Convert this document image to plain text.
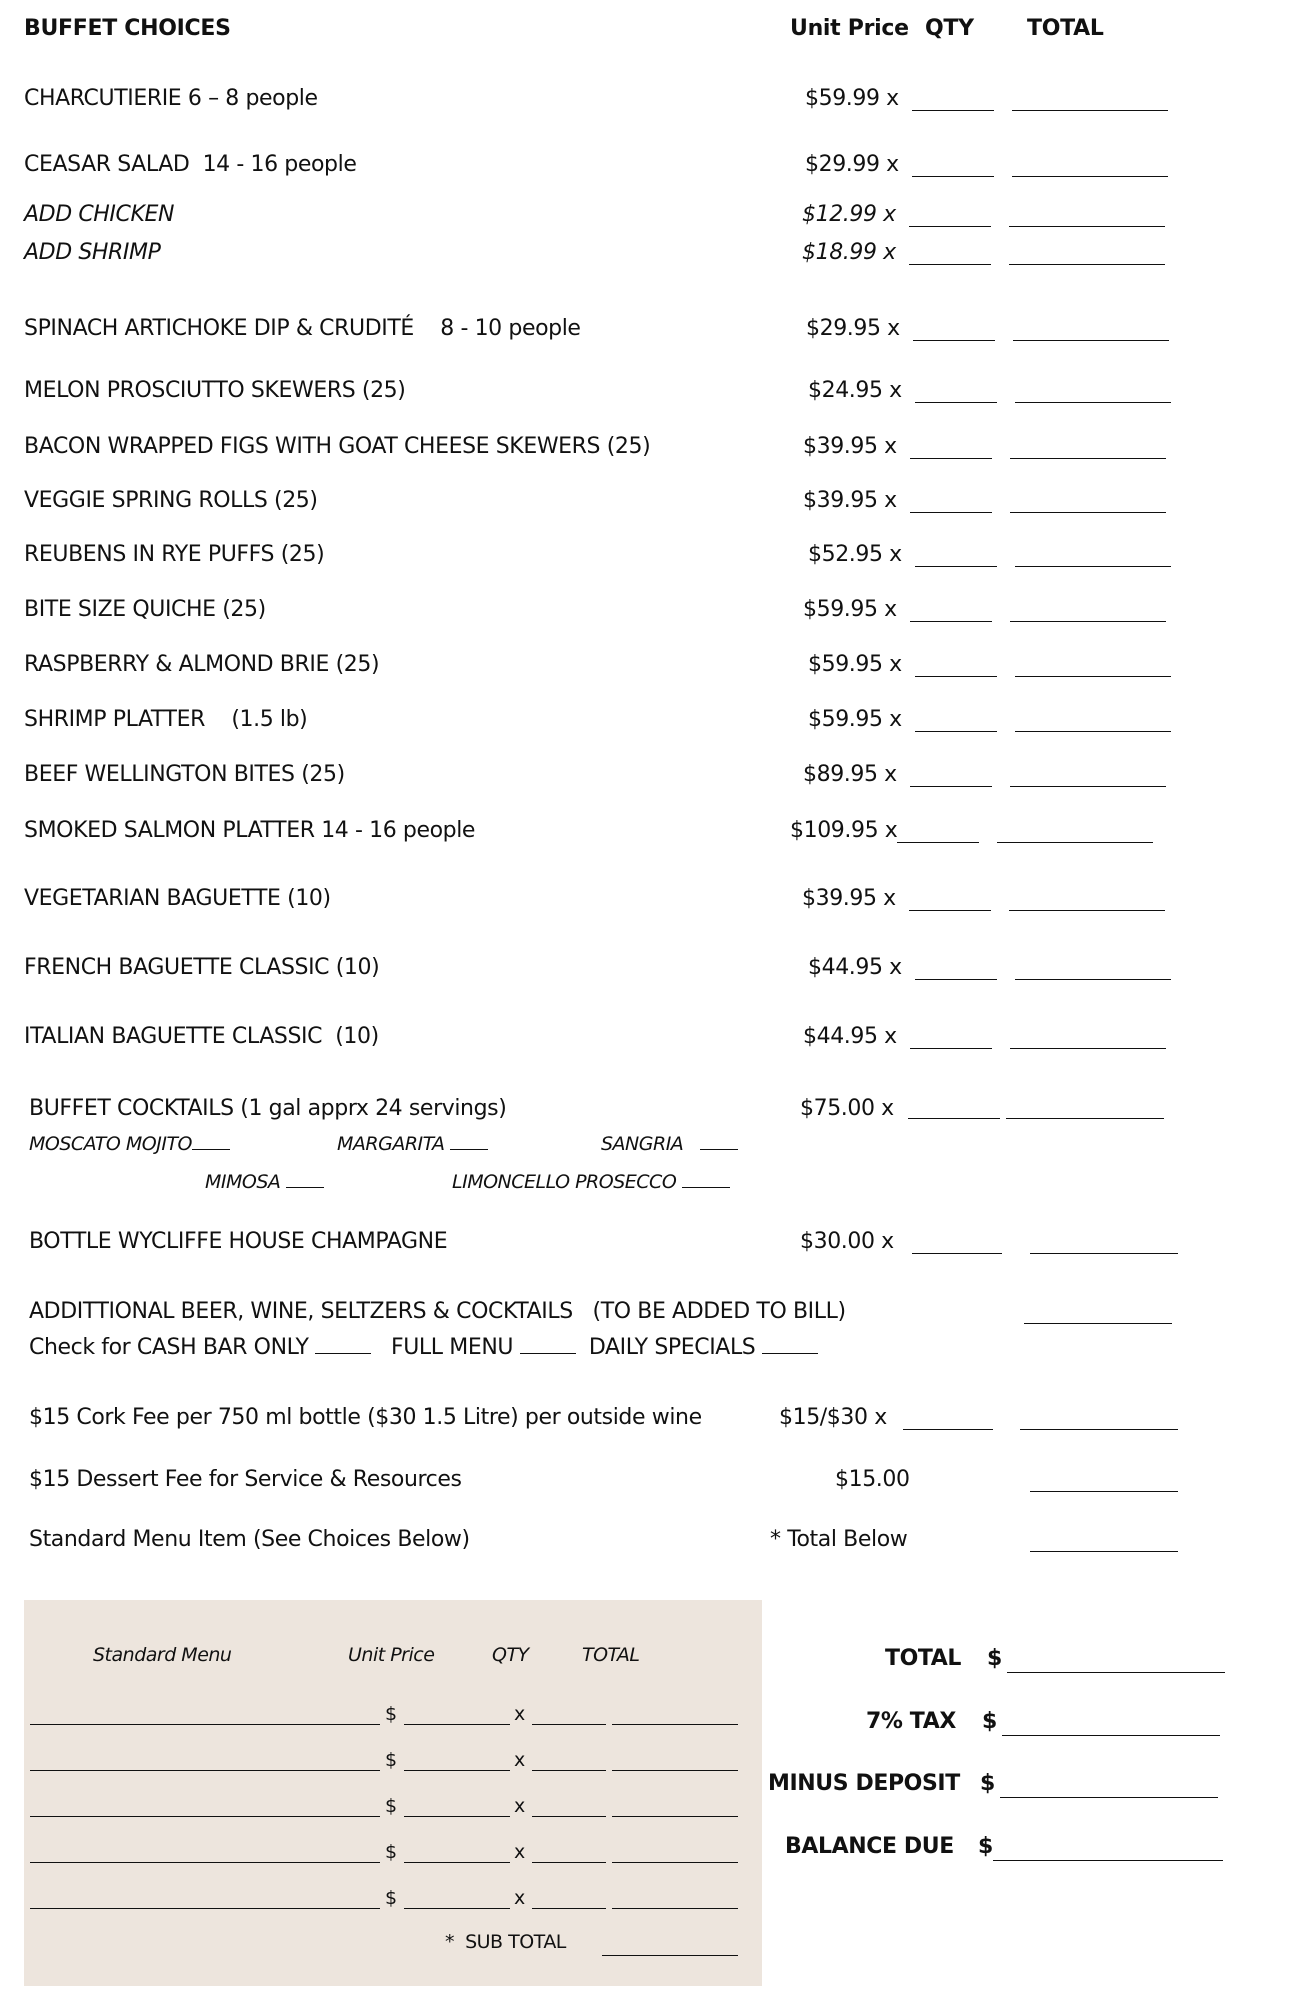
BUFFET CHOICES	Unit Price QTY TOTAL
CHARCUTIERIE 6 – 8 people	$59.99 x
CEASAR SALAD  14 - 16 people	$29.99 x
ADD CHICKEN	$12.99 x
ADD SHRIMP	$18.99 x
SPINACH ARTICHOKE DIP & CRUDITÉ    8 - 10 people	$29.95 x
MELON PROSCIUTTO SKEWERS (25)	$24.95 x
BACON WRAPPED FIGS WITH GOAT CHEESE SKEWERS (25)	$39.95 x
VEGGIE SPRING ROLLS (25)	$39.95 x
REUBENS IN RYE PUFFS (25)	$52.95 x
BITE SIZE QUICHE (25)	$59.95 x
RASPBERRY & ALMOND BRIE (25)	$59.95 x
SHRIMP PLATTER    (1.5 lb)	$59.95 x
BEEF WELLINGTON BITES (25)	$89.95 x
SMOKED SALMON PLATTER 14 - 16 people	$109.95 x
VEGETARIAN BAGUETTE (10)	$39.95 x
FRENCH BAGUETTE CLASSIC (10)	$44.95 x
ITALIAN BAGUETTE CLASSIC  (10)	$44.95 x
BUFFET COCKTAILS (1 gal apprx 24 servings)	$75.00 x
MOSCATO MOJITO	MARGARITA	SANGRIA
MIMOSA	LIMONCELLO PROSECCO
BOTTLE WYCLIFFE HOUSE CHAMPAGNE	$30.00 x
ADDITTIONAL BEER, WINE, SELTZERS & COCKTAILS   (TO BE ADDED TO BILL)
Check for CASH BAR ONLY	FULL MENU	DAILY SPECIALS
$15 Cork Fee per 750 ml bottle ($30 1.5 Litre) per outside wine	$15/$30 x
$15 Dessert Fee for Service & Resources	$15.00
Standard Menu Item (See Choices Below)	* Total Below
Standard Menu	Unit Price	QTY	TOTAL
$	x
$	x
$	x
$	x
$	x
*  SUB TOTAL
TOTAL $
7% TAX $
MINUS DEPOSIT $
BALANCE DUE $
